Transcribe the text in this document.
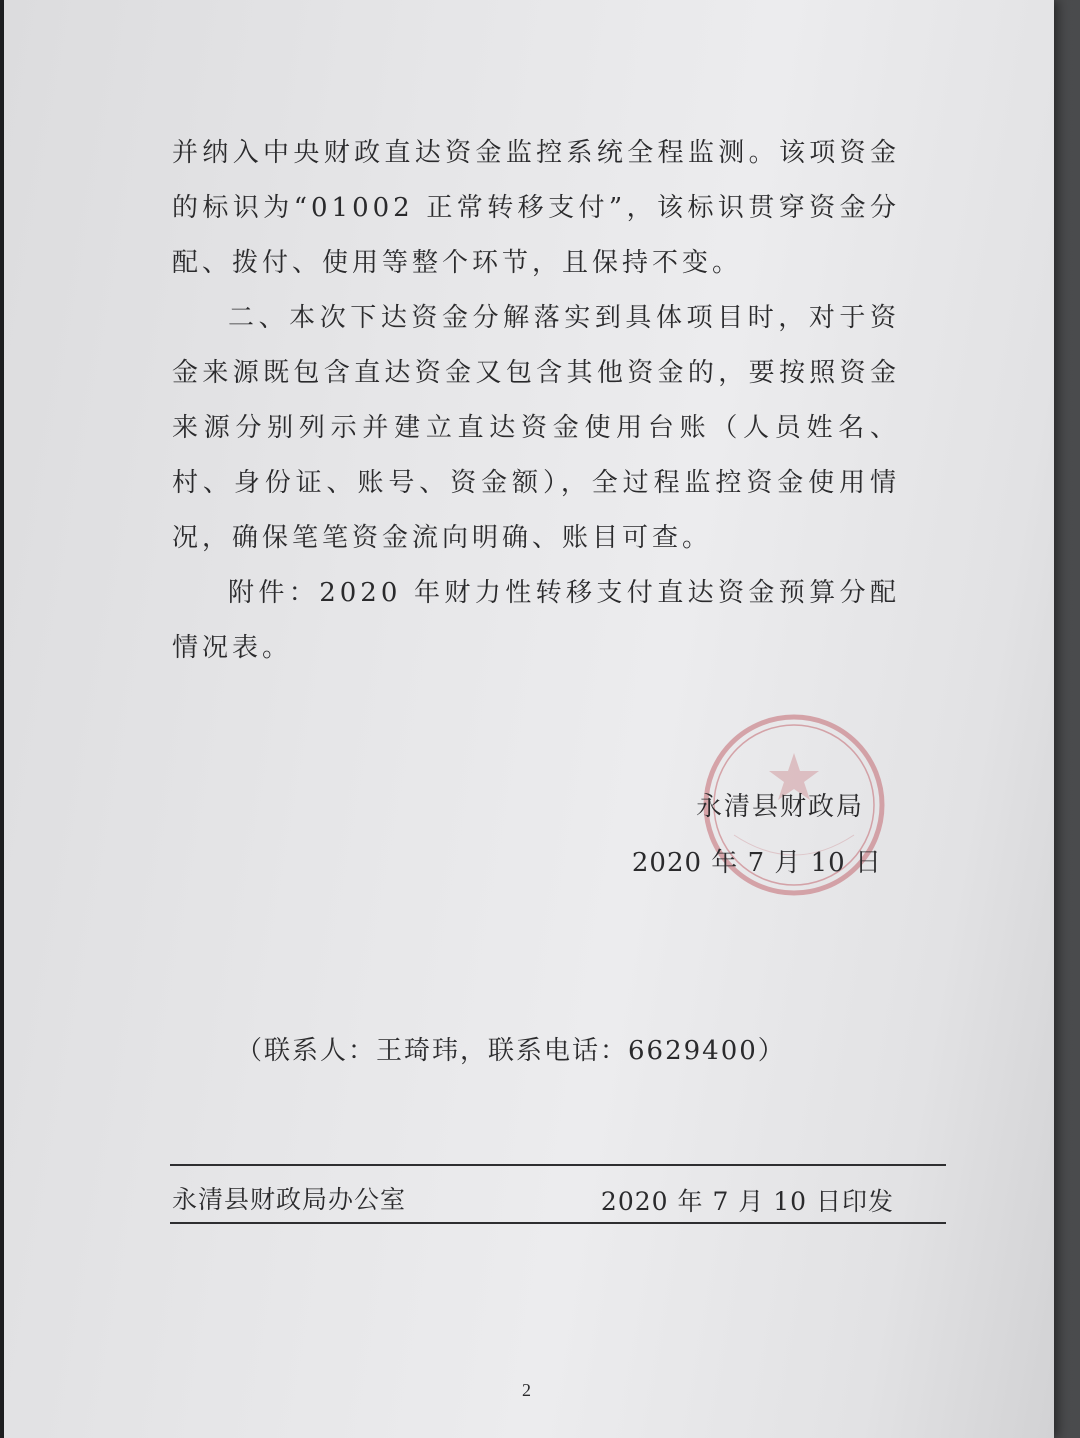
并纳入中央财政直达资金监控系统全程监测。该项资金的标识为“01002 正常转移支付”，该标识贯穿资金分配、拨付、使用等整个环节，且保持不变。

二、本次下达资金分解落实到具体项目时，对于资金来源既包含直达资金又包含其他资金的，要按照资金来源分别列示并建立直达资金使用台账（人员姓名、村、身份证、账号、资金额），全过程监控资金使用情况，确保笔笔资金流向明确、账目可查。

附件：2020 年财力性转移支付直达资金预算分配情况表。

永清县财政局
2020 年 7 月 10 日
（联系人：王琦玮，联系电话：6629400）
永清县财政局办公室	2020 年 7 月 10 日印发
2
